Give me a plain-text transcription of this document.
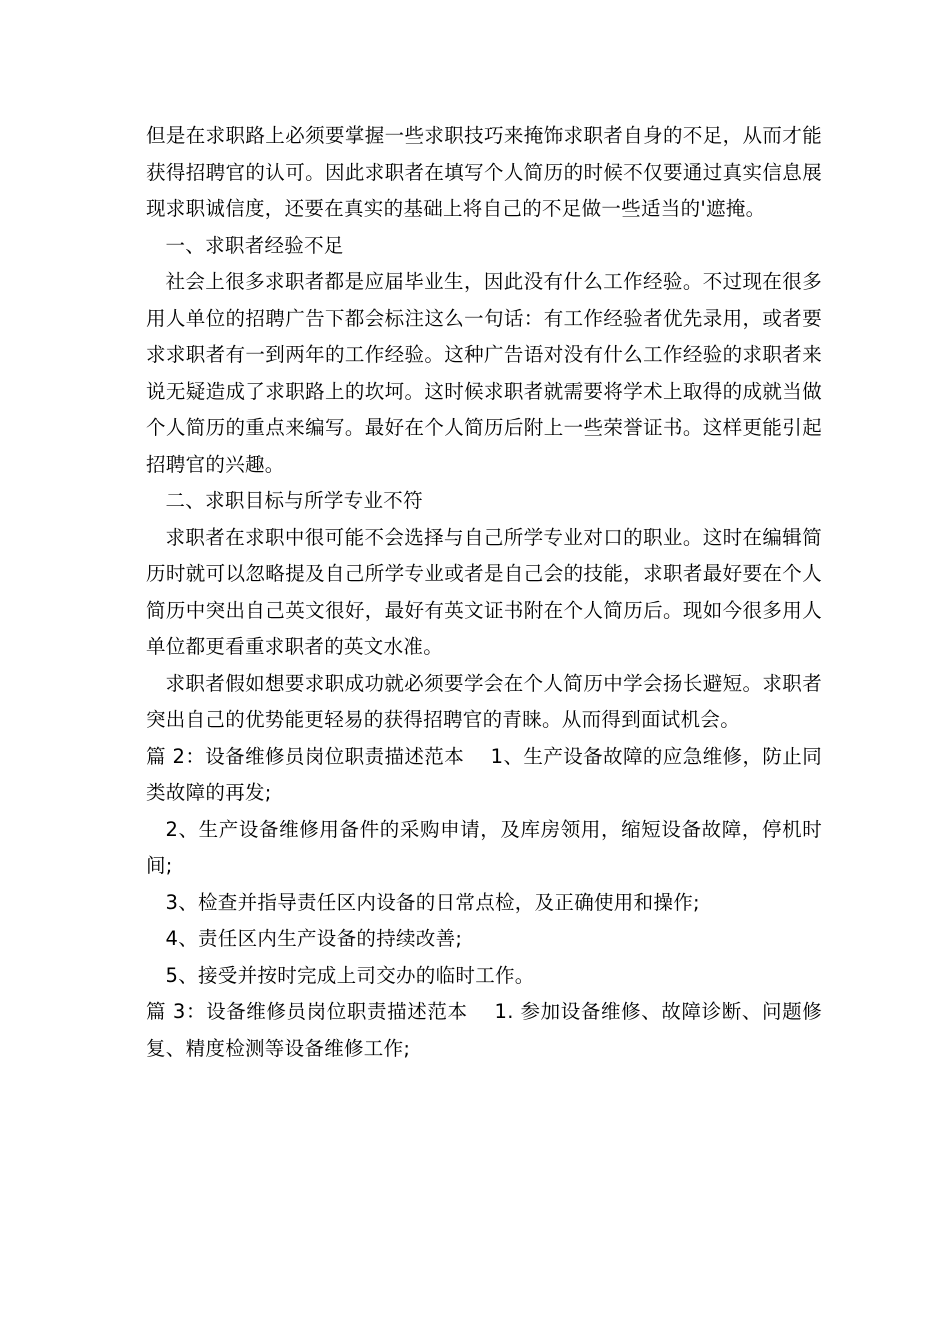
但是在求职路上必须要掌握一些求职技巧来掩饰求职者自身的不足，从而才能获得招聘官的认可。因此求职者在填写个人简历的时候不仅要通过真实信息展现求职诚信度，还要在真实的基础上将自己的不足做一些适当的'遮掩。

一、求职者经验不足

社会上很多求职者都是应届毕业生，因此没有什么工作经验。不过现在很多用人单位的招聘广告下都会标注这么一句话：有工作经验者优先录用，或者要求求职者有一到两年的工作经验。这种广告语对没有什么工作经验的求职者来说无疑造成了求职路上的坎坷。这时候求职者就需要将学术上取得的成就当做个人简历的重点来编写。最好在个人简历后附上一些荣誉证书。这样更能引起招聘官的兴趣。

二、求职目标与所学专业不符

求职者在求职中很可能不会选择与自己所学专业对口的职业。这时在编辑简历时就可以忽略提及自己所学专业或者是自己会的技能，求职者最好要在个人简历中突出自己英文很好，最好有英文证书附在个人简历后。现如今很多用人单位都更看重求职者的英文水准。

求职者假如想要求职成功就必须要学会在个人简历中学会扬长避短。求职者突出自己的优势能更轻易的获得招聘官的青睐。从而得到面试机会。

篇 2：设备维修员岗位职责描述范本　 1、生产设备故障的应急维修，防止同类故障的再发;

2、生产设备维修用备件的采购申请，及库房领用，缩短设备故障，停机时间;

3、检查并指导责任区内设备的日常点检，及正确使用和操作;

4、责任区内生产设备的持续改善;

5、接受并按时完成上司交办的临时工作。

篇 3：设备维修员岗位职责描述范本　 1. 参加设备维修、故障诊断、问题修复、精度检测等设备维修工作;
